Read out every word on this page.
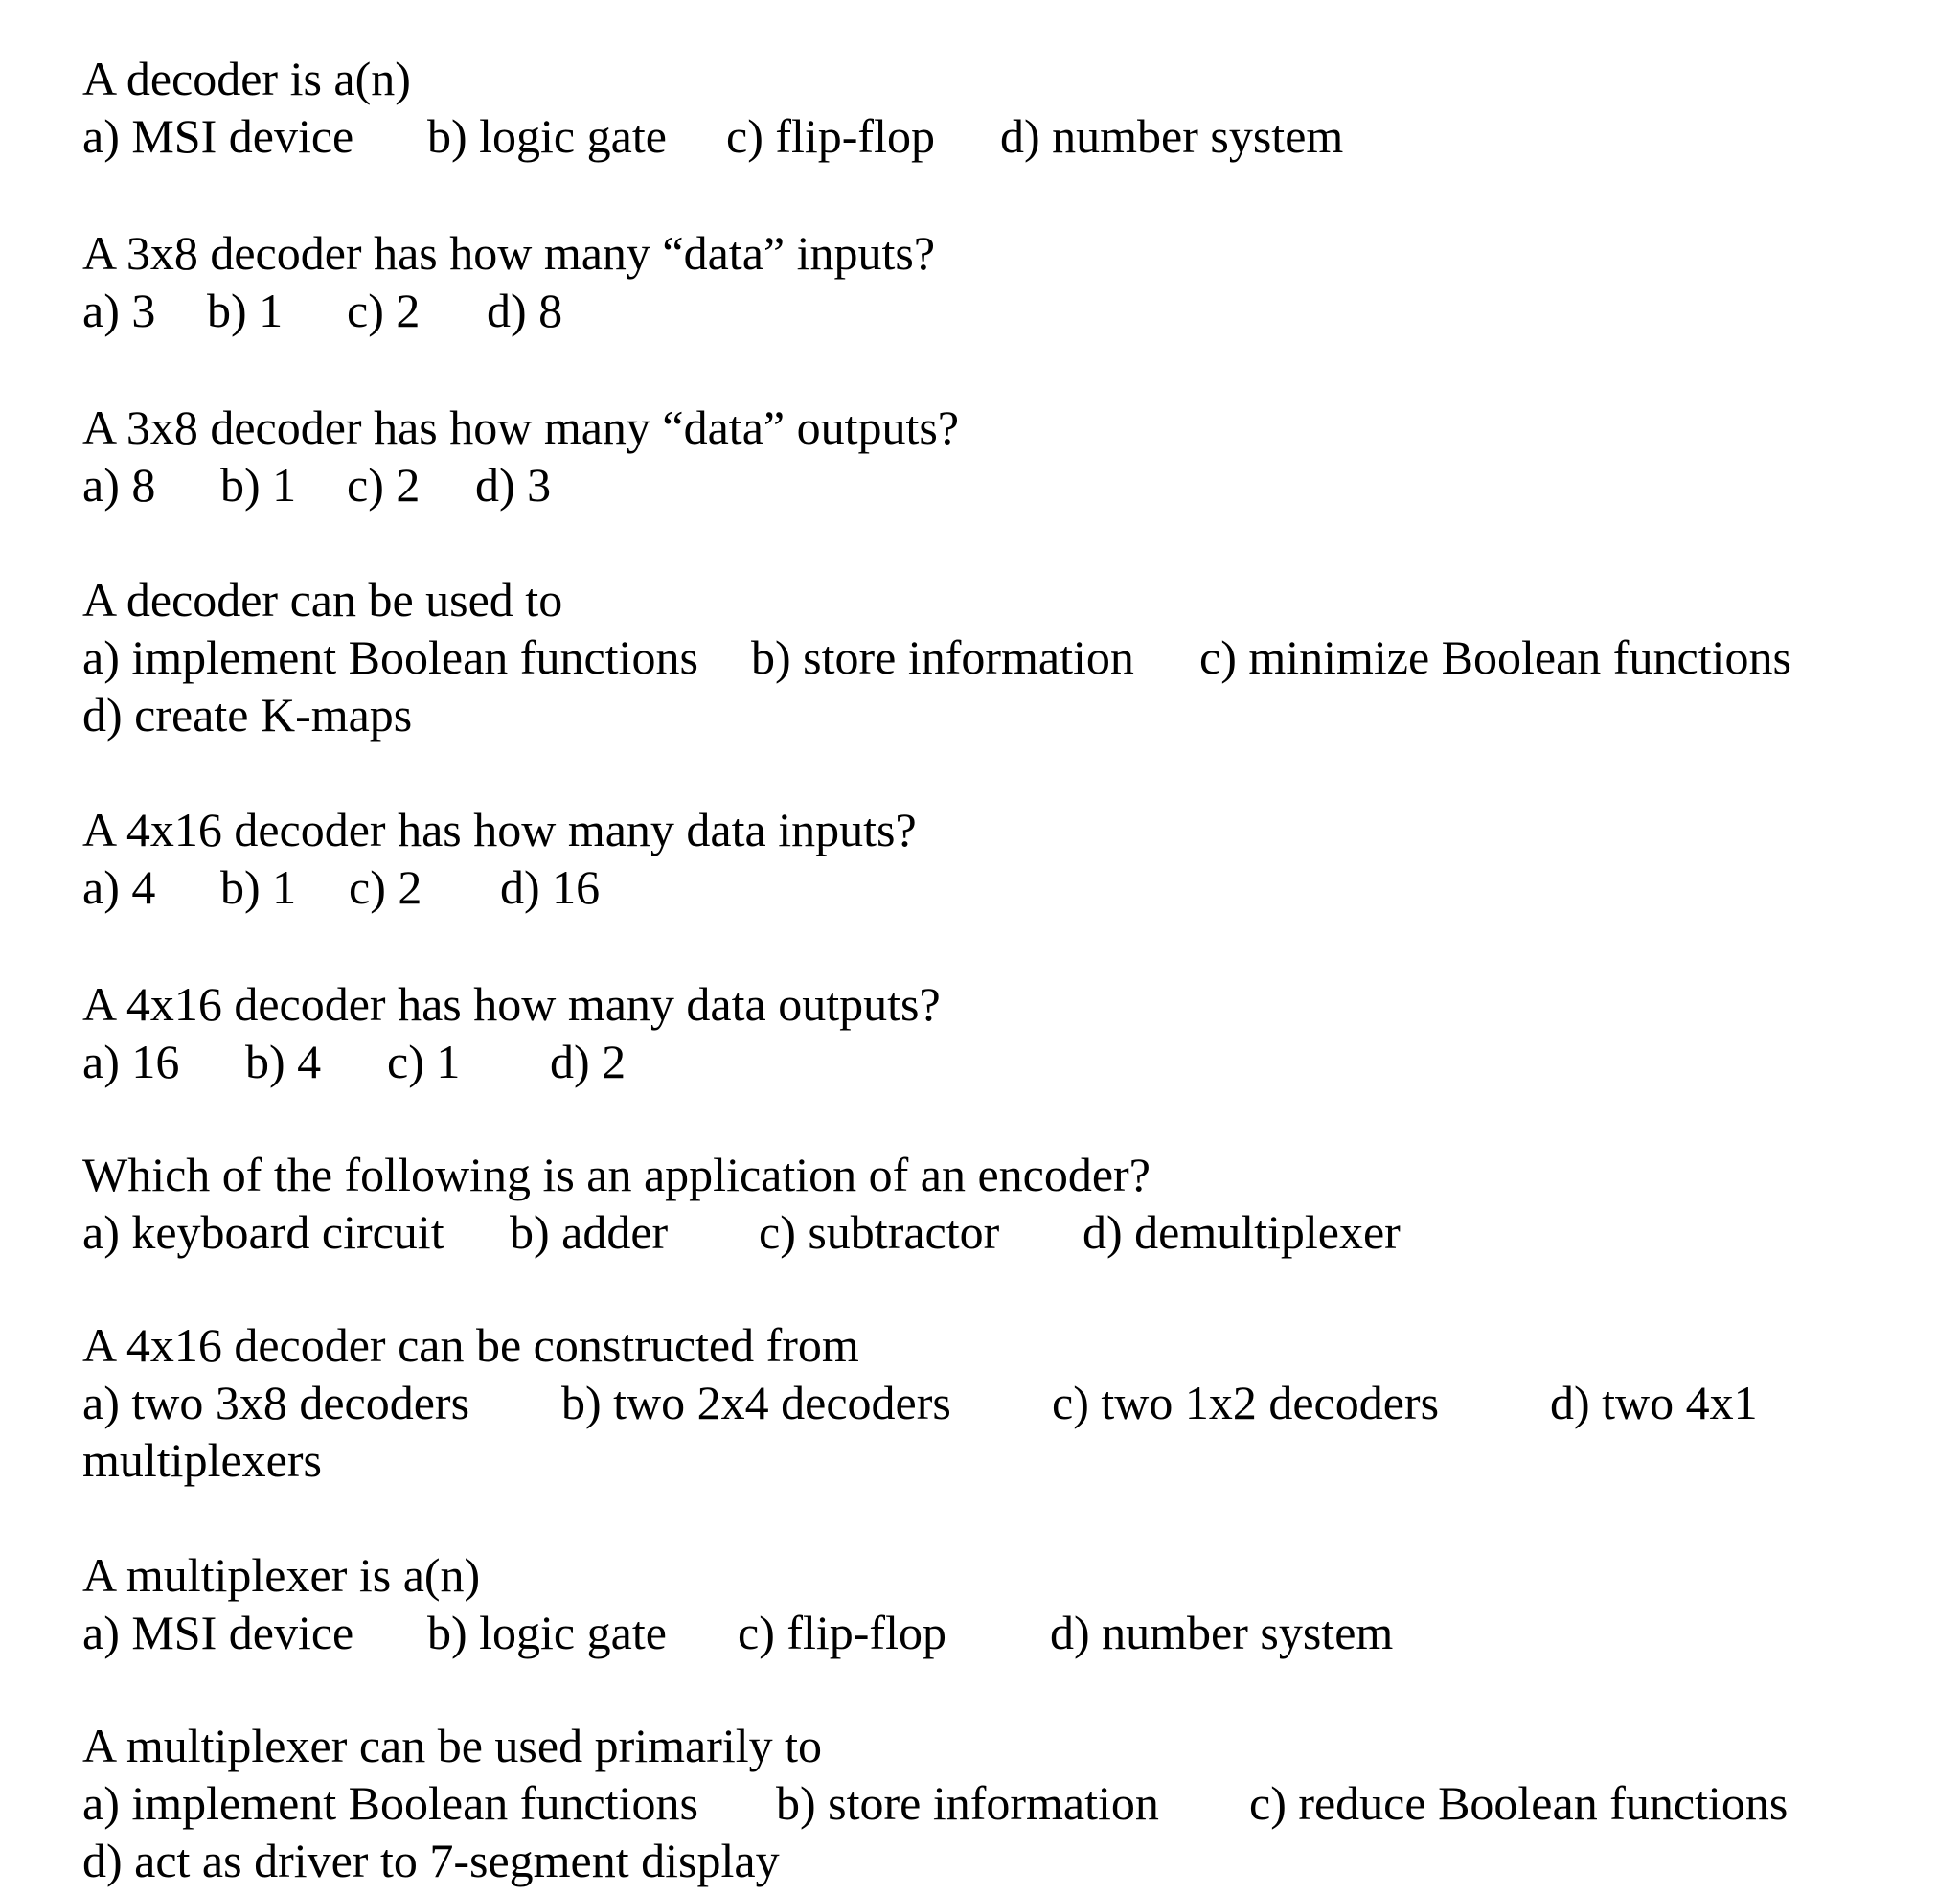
A decoder is a(n)
a) MSI device b) logic gate c) flip-flop d) number system
A 3x8 decoder has how many “data” inputs?
a) 3 b) 1 c) 2 d) 8
A 3x8 decoder has how many “data” outputs?
a) 8 b) 1 c) 2 d) 3
A decoder can be used to
a) implement Boolean functions b) store information c) minimize Boolean functions
d) create K-maps
A 4x16 decoder has how many data inputs?
a) 4 b) 1 c) 2 d) 16
A 4x16 decoder has how many data outputs?
a) 16 b) 4 c) 1 d) 2
Which of the following is an application of an encoder?
a) keyboard circuit b) adder c) subtractor d) demultiplexer
A 4x16 decoder can be constructed from
a) two 3x8 decoders b) two 2x4 decoders c) two 1x2 decoders d) two 4x1
multiplexers
A multiplexer is a(n)
a) MSI device b) logic gate c) flip-flop d) number system
A multiplexer can be used primarily to
a) implement Boolean functions b) store information c) reduce Boolean functions
d) act as driver to 7-segment display
